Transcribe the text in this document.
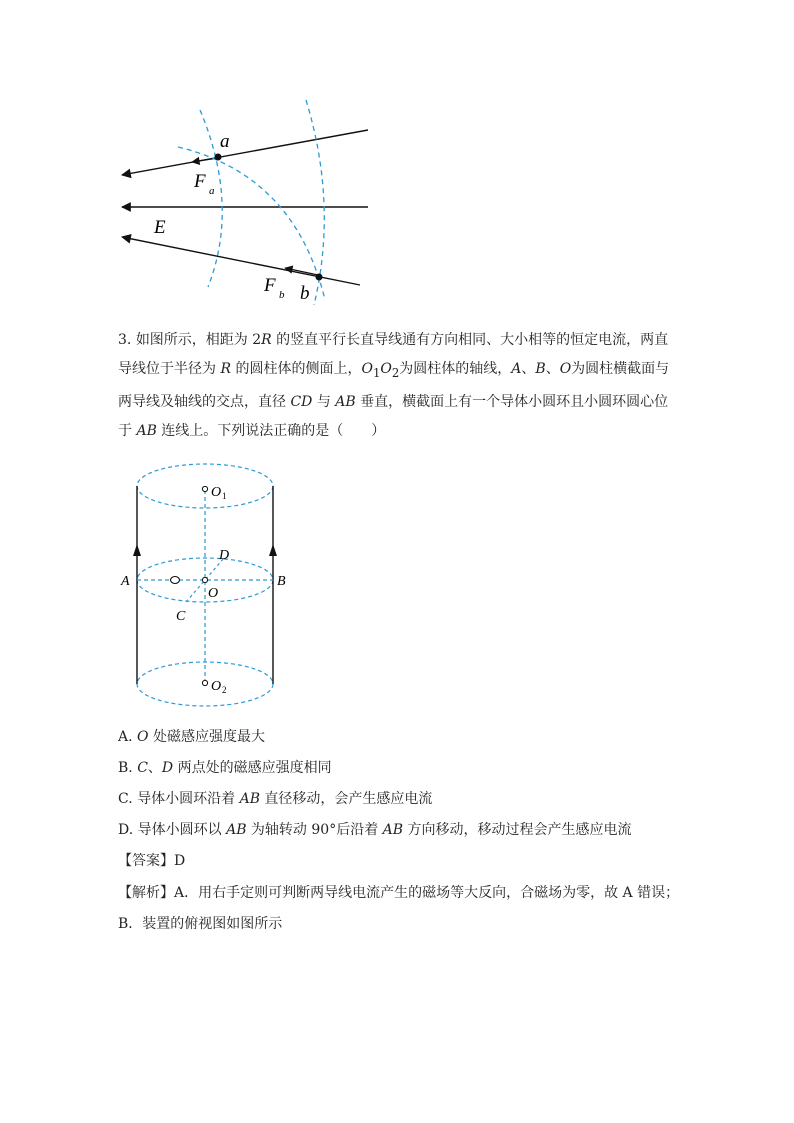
a
F a
E
F b b
3. 如图所示，相距为 2R 的竖直平行长直导线通有方向相同、大小相等的恒定电流，两直
导线位于半径为 R 的圆柱体的侧面上，$O_1O_2$为圆柱体的轴线，A、B、O为圆柱横截面与
两导线及轴线的交点，直径 CD 与 AB 垂直，横截面上有一个导体小圆环且小圆环圆心位
于 AB 连线上。下列说法正确的是（　　）
O 1
D
A	B
O
C
O 2
A. O 处磁感应强度最大
B. C、D 两点处的磁感应强度相同
C. 导体小圆环沿着 AB 直径移动，会产生感应电流
D. 导体小圆环以 AB 为轴转动 90°后沿着 AB 方向移动，移动过程会产生感应电流
【答案】D
【解析】A．用右手定则可判断两导线电流产生的磁场等大反向，合磁场为零，故 A 错误；
B．装置的俯视图如图所示
